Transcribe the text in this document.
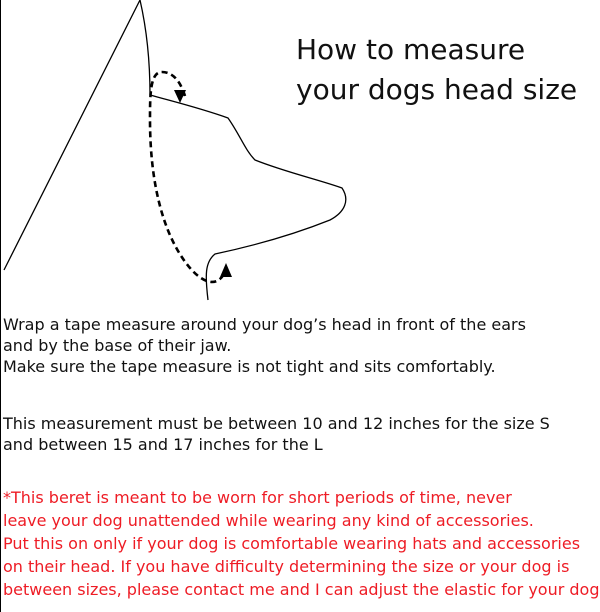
How to measure
your dogs head size
Wrap a tape measure around your dog’s head in front of the ears
and by the base of their jaw.
Make sure the tape measure is not tight and sits comfortably.
This measurement must be between 10 and 12 inches for the size S
and between 15 and 17 inches for the L
*This beret is meant to be worn for short periods of time, never
leave your dog unattended while wearing any kind of accessories.
Put this on only if your dog is comfortable wearing hats and accessories
on their head. If you have difficulty determining the size or your dog is
between sizes, please contact me and I can adjust the elastic for your dog
